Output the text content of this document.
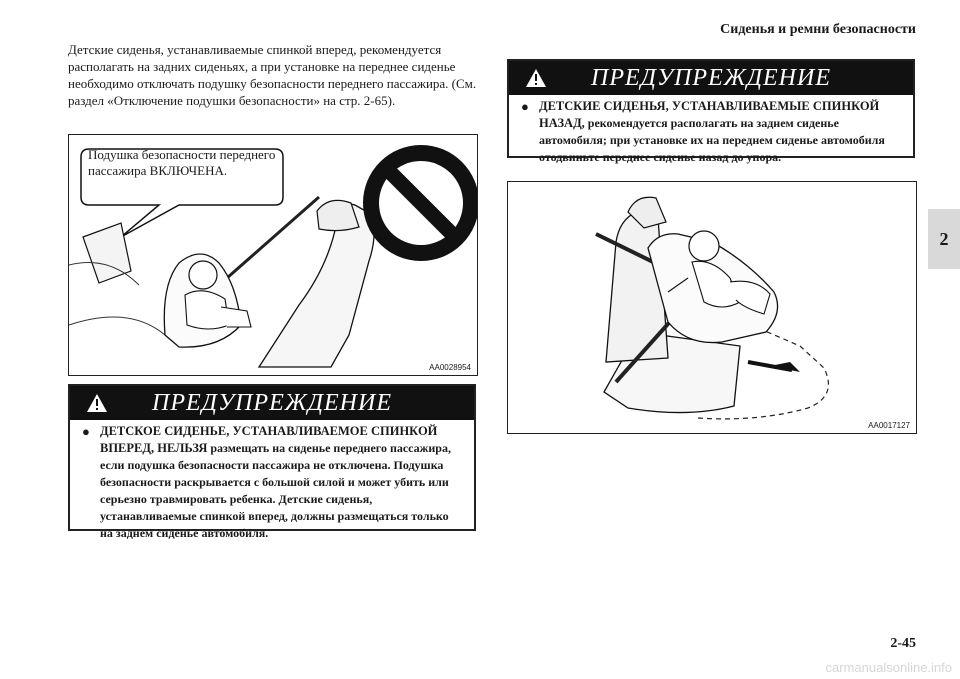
Сиденья и ремни безопасности
2

Детские сиденья, устанавливаемые спинкой вперед, рекомендуется располагать на задних сиденьях, а при установке на переднее сиденье необходимо отключать подушку безопасности переднего пассажира. (См. раздел «Отключение подушки безопасности» на стр. 2-65).

AA0028954
Подушка безопасности переднего пассажира ВКЛЮЧЕНА.
ПРЕДУПРЕЖДЕНИЕ
● ДЕТСКОЕ СИДЕНЬЕ, УСТАНАВЛИВАЕМОЕ СПИНКОЙ ВПЕРЕД, НЕЛЬЗЯ размещать на сиденье переднего пассажира, если подушка безопасности пассажира не отключена. Подушка безопасности раскрывается с большой силой и может убить или серьезно травмировать ребенка. Детские сиденья, устанавливаемые спинкой вперед, должны размещаться только на заднем сиденье автомобиля.
ПРЕДУПРЕЖДЕНИЕ
● ДЕТСКИЕ СИДЕНЬЯ, УСТАНАВЛИВАЕМЫЕ СПИНКОЙ НАЗАД, рекомендуется располагать на заднем сиденье автомобиля; при установке их на переднем сиденье автомобиля отодвиньте переднее сиденье назад до упора.
AA0017127
2-45
carmanualsonline.info
